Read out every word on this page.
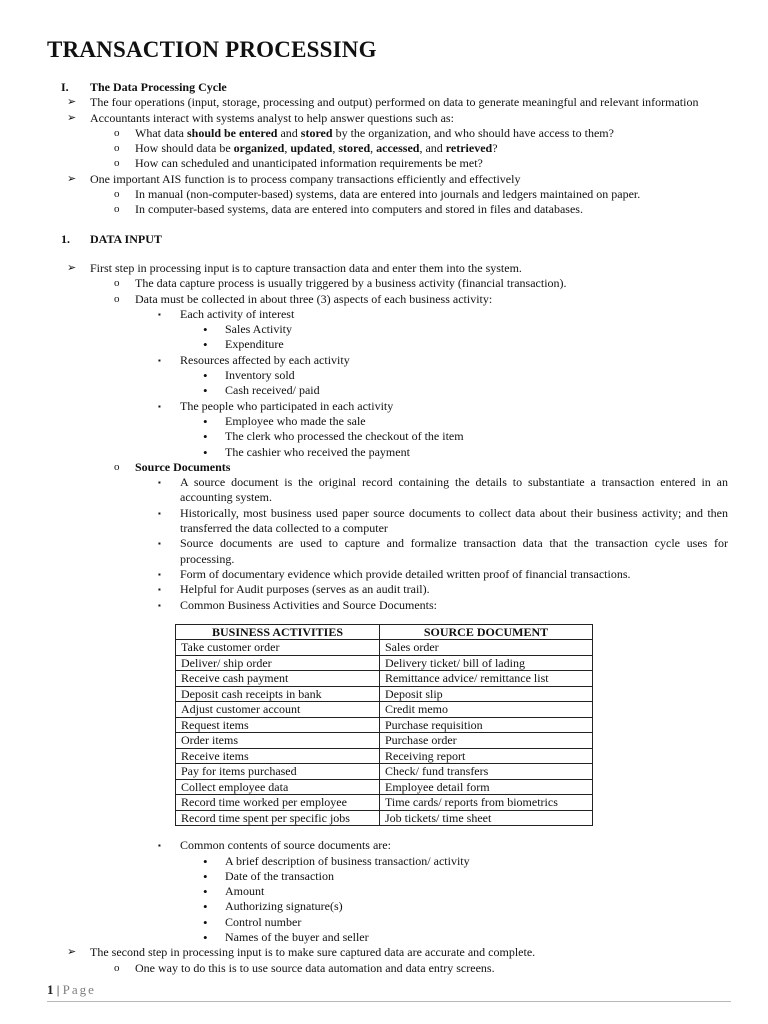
TRANSACTION PROCESSING
I. The Data Processing Cycle
➢ The four operations (input, storage, processing and output) performed on data to generate meaningful and relevant information
➢ Accountants interact with systems analyst to help answer questions such as:
o What data should be entered and stored by the organization, and who should have access to them?
o How should data be organized, updated, stored, accessed, and retrieved?
o How can scheduled and unanticipated information requirements be met?
➢ One important AIS function is to process company transactions efficiently and effectively
o In manual (non-computer-based) systems, data are entered into journals and ledgers maintained on paper.
o In computer-based systems, data are entered into computers and stored in files and databases.
1. DATA INPUT
➢ First step in processing input is to capture transaction data and enter them into the system.
o The data capture process is usually triggered by a business activity (financial transaction).
o Data must be collected in about three (3) aspects of each business activity:
▪ Each activity of interest
• Sales Activity
• Expenditure
▪ Resources affected by each activity
• Inventory sold
• Cash received/ paid
▪ The people who participated in each activity
• Employee who made the sale
• The clerk who processed the checkout of the item
• The cashier who received the payment
o Source Documents
▪ A source document is the original record containing the details to substantiate a transaction entered in an accounting system.
▪ Historically, most business used paper source documents to collect data about their business activity; and then transferred the data collected to a computer
▪ Source documents are used to capture and formalize transaction data that the transaction cycle uses for processing.
▪ Form of documentary evidence which provide detailed written proof of financial transactions.
▪ Helpful for Audit purposes (serves as an audit trail).
▪ Common Business Activities and Source Documents:
BUSINESS ACTIVITIES	SOURCE DOCUMENT
Take customer order	Sales order
Deliver/ ship order	Delivery ticket/ bill of lading
Receive cash payment	Remittance advice/ remittance list
Deposit cash receipts in bank	Deposit slip
Adjust customer account	Credit memo
Request items	Purchase requisition
Order items	Purchase order
Receive items	Receiving report
Pay for items purchased	Check/ fund transfers
Collect employee data	Employee detail form
Record time worked per employee	Time cards/ reports from biometrics
Record time spent per specific jobs	Job tickets/ time sheet
▪ Common contents of source documents are:
• A brief description of business transaction/ activity
• Date of the transaction
• Amount
• Authorizing signature(s)
• Control number
• Names of the buyer and seller
➢ The second step in processing input is to make sure captured data are accurate and complete.
o One way to do this is to use source data automation and data entry screens.
1 | Page
